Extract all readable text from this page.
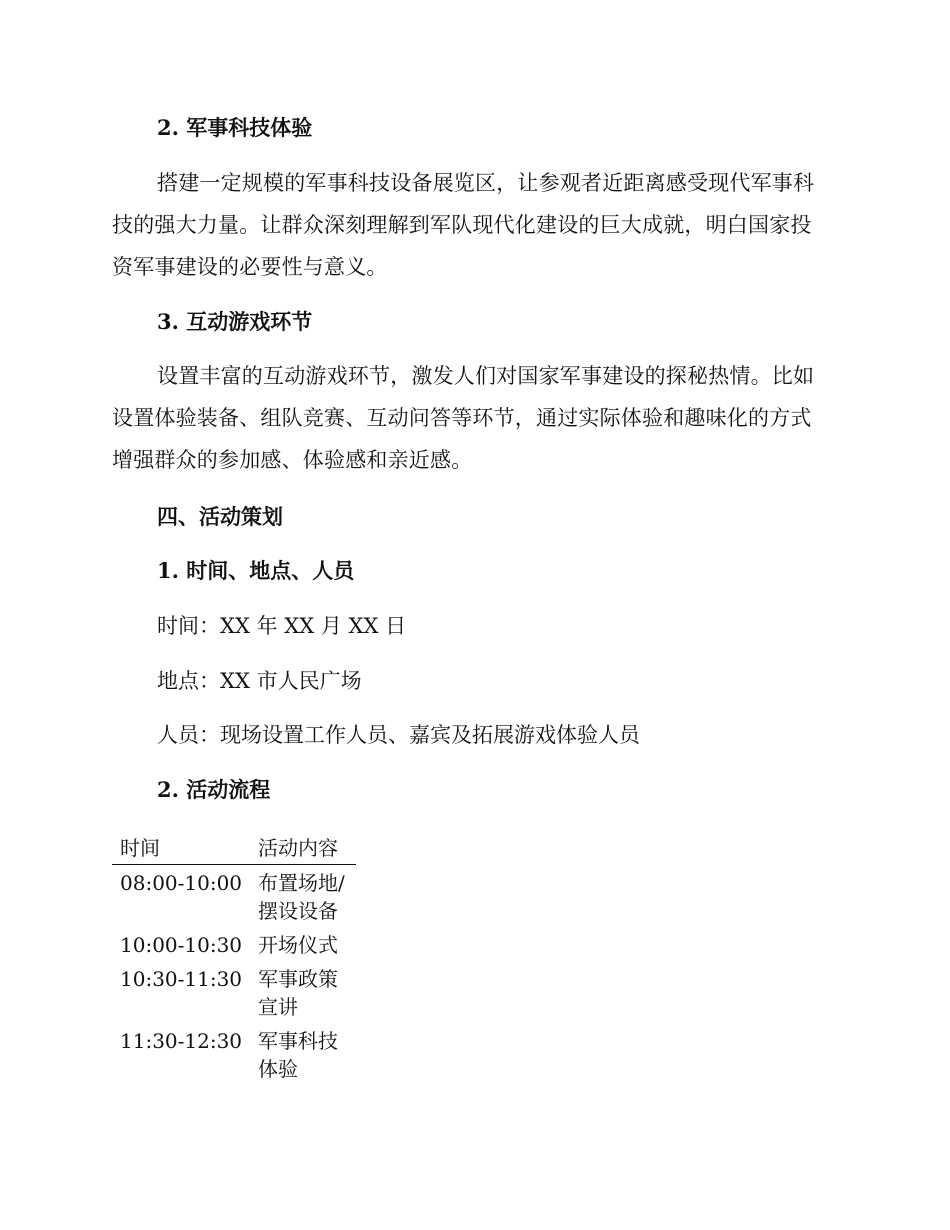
2. 军事科技体验

搭建一定规模的军事科技设备展览区，让参观者近距离感受现代军事科技的强大力量。让群众深刻理解到军队现代化建设的巨大成就，明白国家投资军事建设的必要性与意义。

3. 互动游戏环节

设置丰富的互动游戏环节，激发人们对国家军事建设的探秘热情。比如设置体验装备、组队竞赛、互动问答等环节，通过实际体验和趣味化的方式增强群众的参加感、体验感和亲近感。

四、活动策划
1. 时间、地点、人员
时间：XX 年 XX 月 XX 日
地点：XX 市人民广场
人员：现场设置工作人员、嘉宾及拓展游戏体验人员
2. 活动流程
时间	活动内容
08:00-10:00	布置场地/摆设设备
10:00-10:30	开场仪式
10:30-11:30	军事政策宣讲
11:30-12:30	军事科技体验
